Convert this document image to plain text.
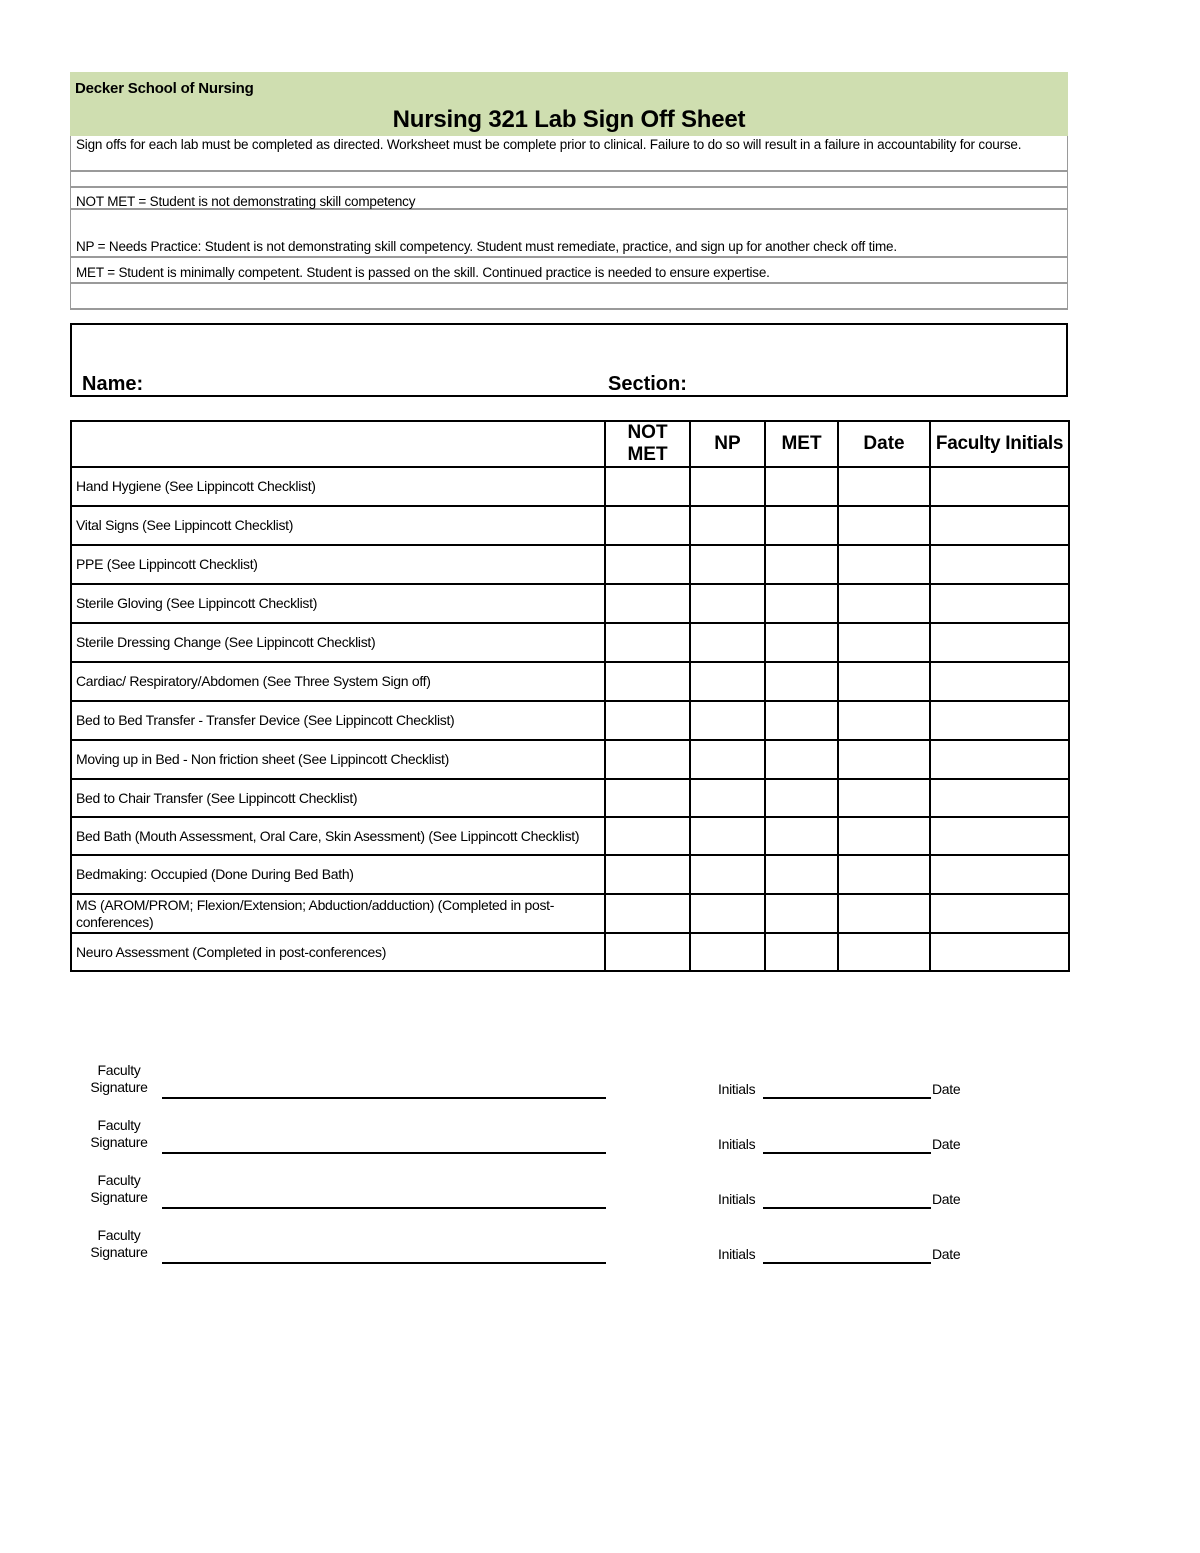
Decker School of Nursing
Nursing 321 Lab Sign Off Sheet
Sign offs for each lab must be completed as directed. Worksheet must be complete prior to clinical. Failure to do so will result in a failure in accountability for course.
NOT MET = Student is not demonstrating skill competency
NP = Needs Practice: Student is not demonstrating skill competency. Student must remediate, practice, and sign up for another check off time.
MET = Student is minimally competent. Student is passed on the skill. Continued practice is needed to ensure expertise.
Name:	Section:
	NOT MET	NP	MET	Date	Faculty Initials
Hand Hygiene (See Lippincott Checklist)					
Vital Signs (See Lippincott Checklist)					
PPE (See Lippincott Checklist)					
Sterile Gloving (See Lippincott Checklist)					
Sterile Dressing Change (See Lippincott Checklist)					
Cardiac/ Respiratory/Abdomen (See Three System Sign off)					
Bed to Bed Transfer - Transfer Device (See Lippincott Checklist)					
Moving up in Bed - Non friction sheet (See Lippincott Checklist)					
Bed to Chair Transfer (See Lippincott Checklist)					
Bed Bath (Mouth Assessment, Oral Care, Skin Asessment) (See Lippincott Checklist)					
Bedmaking: Occupied (Done During Bed Bath)					
MS (AROM/PROM; Flexion/Extension; Abduction/adduction) (Completed in post-conferences)					
Neuro Assessment (Completed in post-conferences)					
Faculty
Signature	Initials	Date
Faculty
Signature	Initials	Date
Faculty
Signature	Initials	Date
Faculty
Signature	Initials	Date
